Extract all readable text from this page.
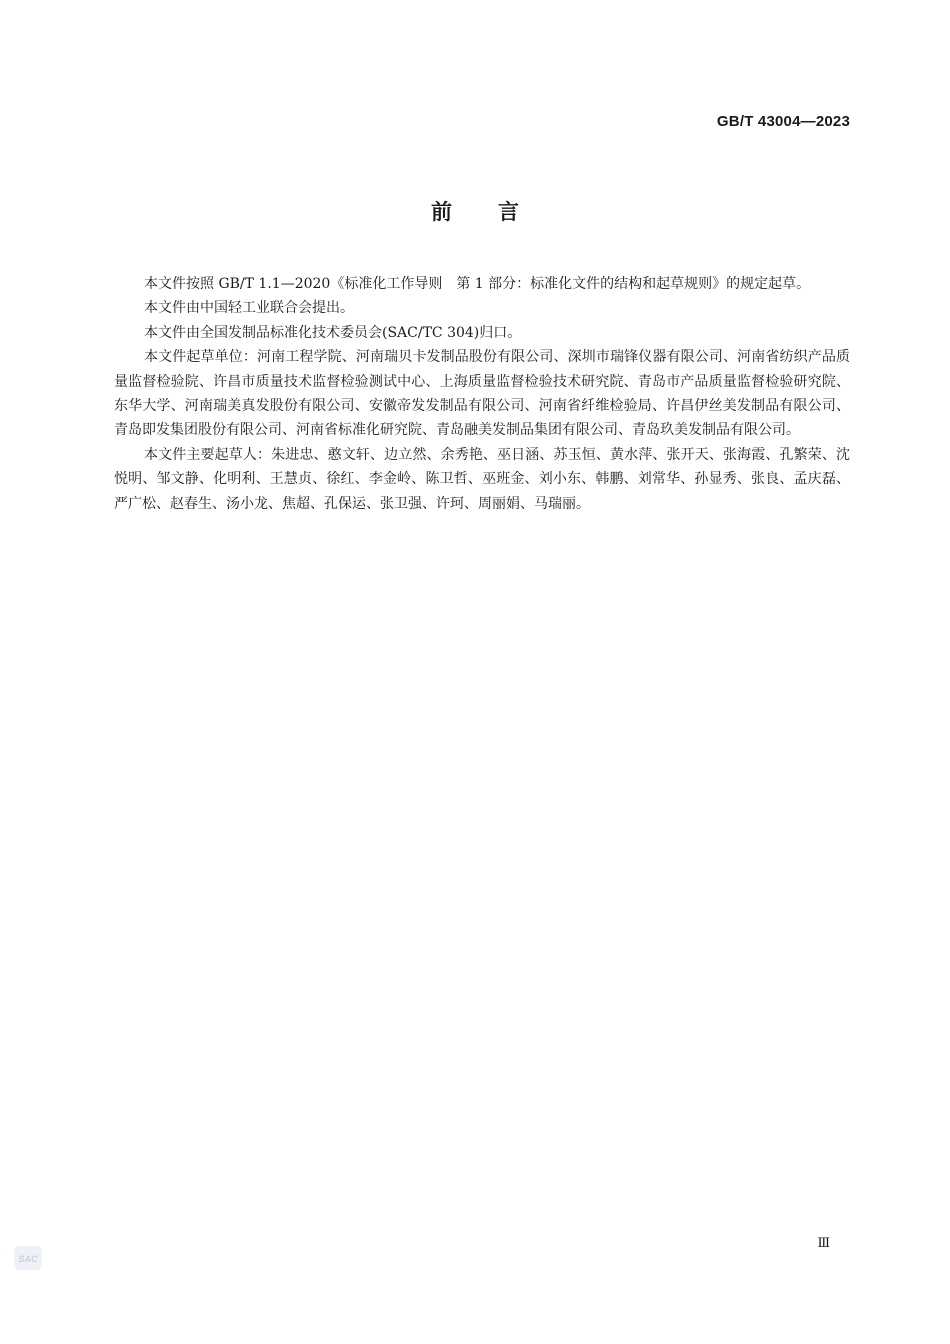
GB/T 43004—2023
前言

本文件按照 GB/T 1.1—2020《标准化工作导则　第 1 部分：标准化文件的结构和起草规则》的规定起草。

本文件由中国轻工业联合会提出。

本文件由全国发制品标准化技术委员会(SAC/TC 304)归口。

本文件起草单位：河南工程学院、河南瑞贝卡发制品股份有限公司、深圳市瑞锋仪器有限公司、河南省纺织产品质量监督检验院、许昌市质量技术监督检验测试中心、上海质量监督检验技术研究院、青岛市产品质量监督检验研究院、东华大学、河南瑞美真发股份有限公司、安徽帝发发制品有限公司、河南省纤维检验局、许昌伊丝美发制品有限公司、青岛即发集团股份有限公司、河南省标准化研究院、青岛融美发制品集团有限公司、青岛玖美发制品有限公司。

本文件主要起草人：朱进忠、憨文轩、边立然、余秀艳、巫日涵、苏玉恒、黄水萍、张开天、张海霞、孔繁荣、沈悦明、邹文静、化明利、王慧贞、徐红、李金岭、陈卫哲、巫班金、刘小东、韩鹏、刘常华、孙显秀、张良、孟庆磊、严广松、赵春生、汤小龙、焦超、孔保运、张卫强、许珂、周丽娟、马瑞丽。

Ⅲ
SAC
